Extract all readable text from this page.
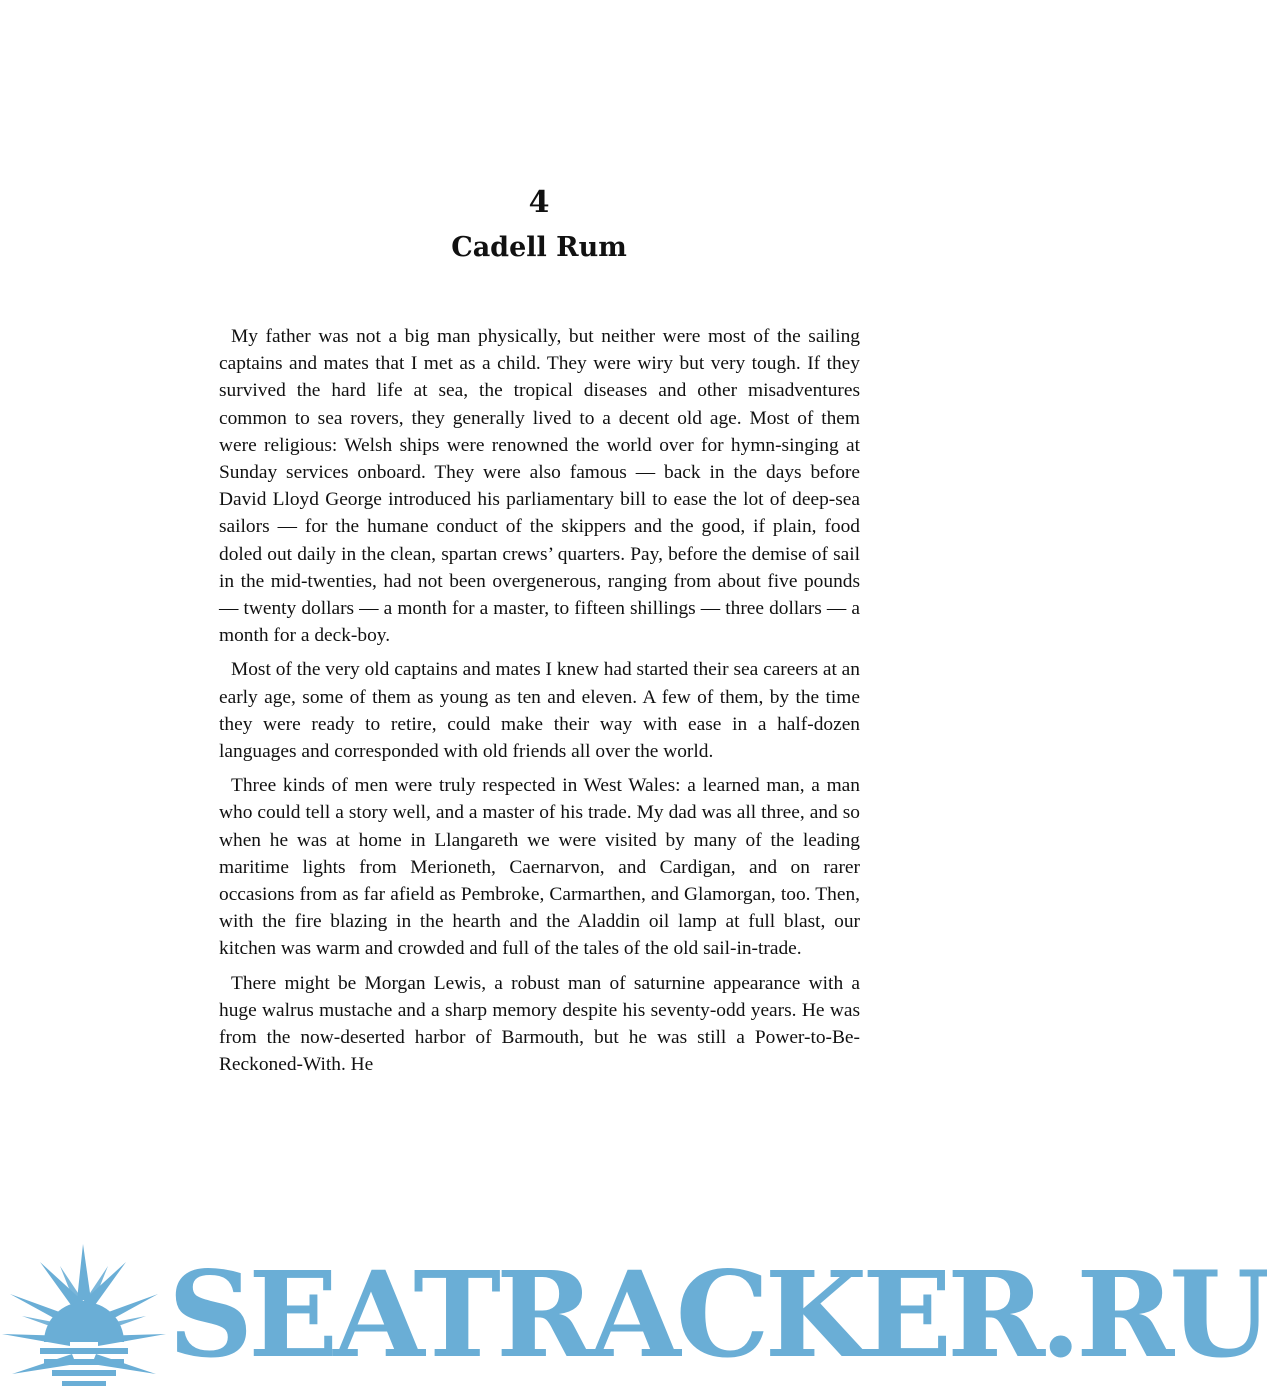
4
Cadell Rum

My father was not a big man physically, but neither were most of the sailing captains and mates that I met as a child. They were wiry but very tough. If they survived the hard life at sea, the tropical diseases and other misadventures common to sea rovers, they generally lived to a decent old age. Most of them were religious: Welsh ships were renowned the world over for hymn-singing at Sunday services onboard. They were also famous — back in the days before David Lloyd George introduced his parliamentary bill to ease the lot of deep-sea sailors — for the humane conduct of the skippers and the good, if plain, food doled out daily in the clean, spartan crews’ quarters. Pay, before the demise of sail in the mid-twenties, had not been overgenerous, ranging from about five pounds — twenty dollars — a month for a master, to fifteen shillings — three dollars — a month for a deck-boy.

Most of the very old captains and mates I knew had started their sea careers at an early age, some of them as young as ten and eleven. A few of them, by the time they were ready to retire, could make their way with ease in a half-dozen languages and corresponded with old friends all over the world.

Three kinds of men were truly respected in West Wales: a learned man, a man who could tell a story well, and a master of his trade. My dad was all three, and so when he was at home in Llangareth we were visited by many of the leading maritime lights from Merioneth, Caernarvon, and Cardigan, and on rarer occasions from as far afield as Pembroke, Carmarthen, and Glamorgan, too. Then, with the fire blazing in the hearth and the Aladdin oil lamp at full blast, our kitchen was warm and crowded and full of the tales of the old sail-in-trade.

There might be Morgan Lewis, a robust man of saturnine appearance with a huge walrus mustache and a sharp memory despite his seventy-odd years. He was from the now-deserted harbor of Barmouth, but he was still a Power-to-Be-Reckoned-With. He

SEATRACKER.RU
